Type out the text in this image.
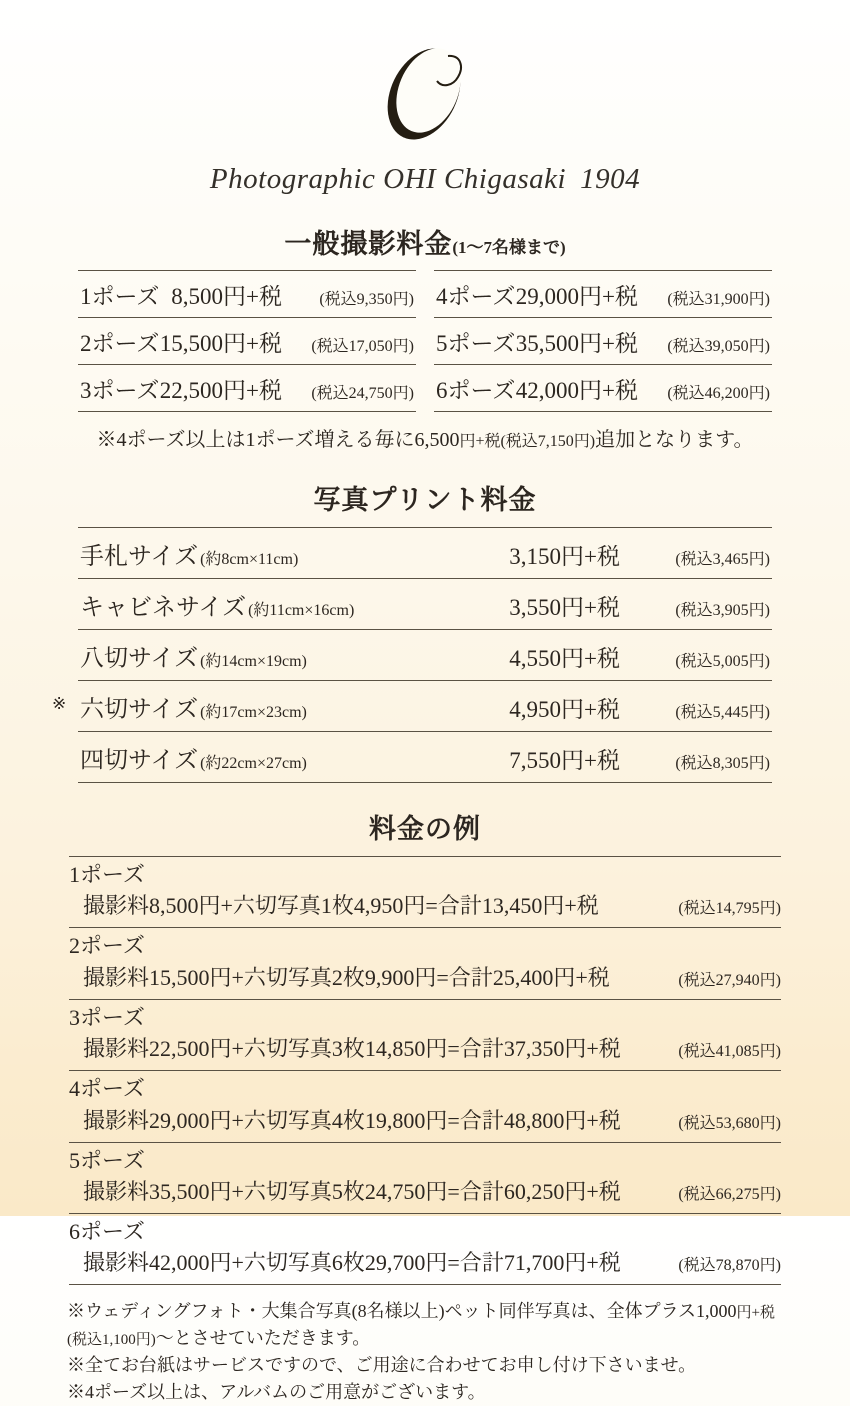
Photographic OHI Chigasaki 1904
一般撮影料金(1〜7名様まで)
1ポーズ 8,500円+税	(税込9,350円)
2ポーズ 15,500円+税	(税込17,050円)
3ポーズ 22,500円+税	(税込24,750円)
4ポーズ 29,000円+税	(税込31,900円)
5ポーズ 35,500円+税	(税込39,050円)
6ポーズ 42,000円+税	(税込46,200円)
※4ポーズ以上は1ポーズ増える毎に6,500円+税(税込7,150円)追加となります。
写真プリント料金
手札サイズ (約8cm×11cm)	3,150円+税	(税込3,465円)
キャビネサイズ (約11cm×16cm)	3,550円+税	(税込3,905円)
八切サイズ (約14cm×19cm)	4,550円+税	(税込5,005円)
※ 六切サイズ (約17cm×23cm)	4,950円+税	(税込5,445円)
四切サイズ (約22cm×27cm)	7,550円+税	(税込8,305円)
料金の例
1ポーズ
撮影料8,500円+六切写真1枚4,950円=合計13,450円+税	(税込14,795円)
2ポーズ
撮影料15,500円+六切写真2枚9,900円=合計25,400円+税	(税込27,940円)
3ポーズ
撮影料22,500円+六切写真3枚14,850円=合計37,350円+税	(税込41,085円)
4ポーズ
撮影料29,000円+六切写真4枚19,800円=合計48,800円+税	(税込53,680円)
5ポーズ
撮影料35,500円+六切写真5枚24,750円=合計60,250円+税	(税込66,275円)
6ポーズ
撮影料42,000円+六切写真6枚29,700円=合計71,700円+税	(税込78,870円)

※ウェディングフォト・大集合写真(8名様以上)ペット同伴写真は、全体プラス1,000円+税(税込1,100円)〜とさせていただきます。

※全てお台紙はサービスですので、ご用途に合わせてお申し付け下さいませ。

※4ポーズ以上は、アルバムのご用意がございます。
